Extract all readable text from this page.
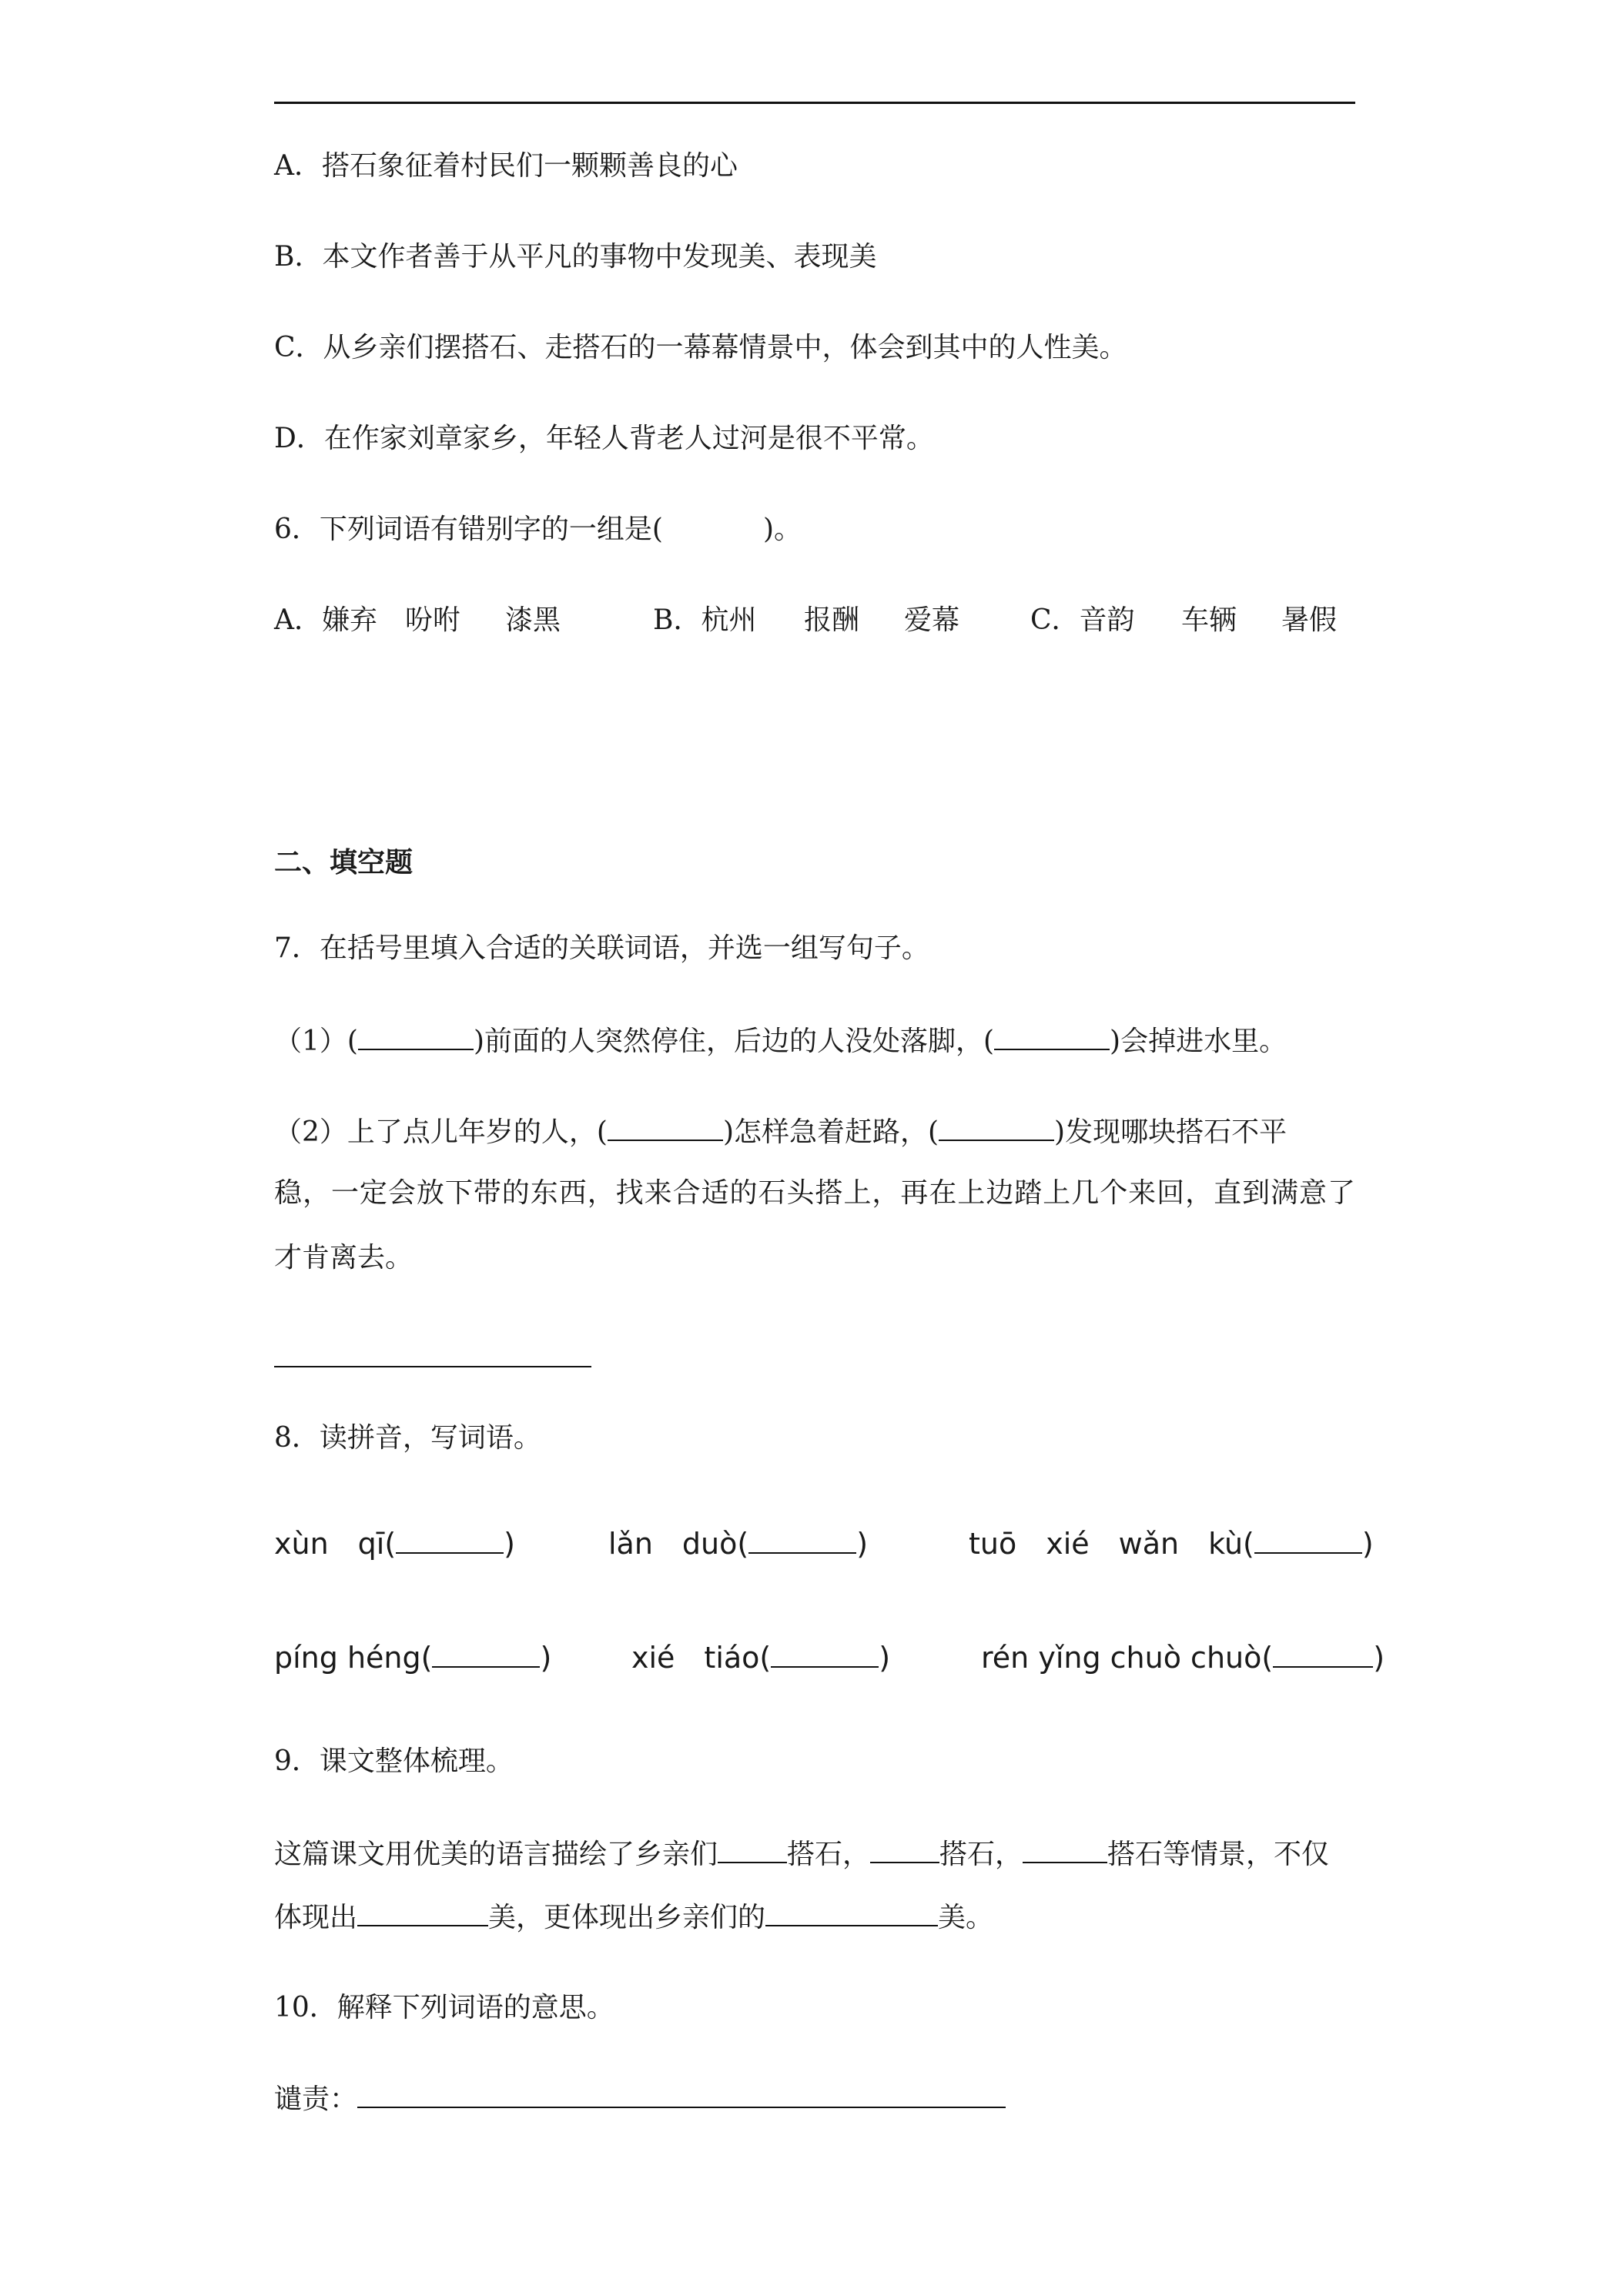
A．搭石象征着村民们一颗颗善良的心
B．本文作者善于从平凡的事物中发现美、表现美
C．从乡亲们摆搭石、走搭石的一幕幕情景中，体会到其中的人性美。
D．在作家刘章家乡，年轻人背老人过河是很不平常。
6．下列词语有错别字的一组是(	)。
A．嫌弃 吩咐 漆黑	B．杭州 报酬 爱幕	C．音韵 车辆 暑假
二、填空题
7．在括号里填入合适的关联词语，并选一组写句子。
（1）(	)前面的人突然停住，后边的人没处落脚，(	)会掉进水里。
（2）上了点儿年岁的人，(	)怎样急着赶路，(	)发现哪块搭石不平
稳，一定会放下带的东西，找来合适的石头搭上，再在上边踏上几个来回，直到满意了
才肯离去。
8．读拼音，写词语。
xùn　qī(	)	lǎn　duò(	)	tuō　xié　wǎn　kù(	)
píng héng(	)	xié　tiáo(	)	rén yǐng chuò chuò(	)
9．课文整体梳理。
这篇课文用优美的语言描绘了乡亲们	搭石，	搭石，	搭石等情景，不仅
体现出	美，更体现出乡亲们的	美。
10．解释下列词语的意思。
谴责：
